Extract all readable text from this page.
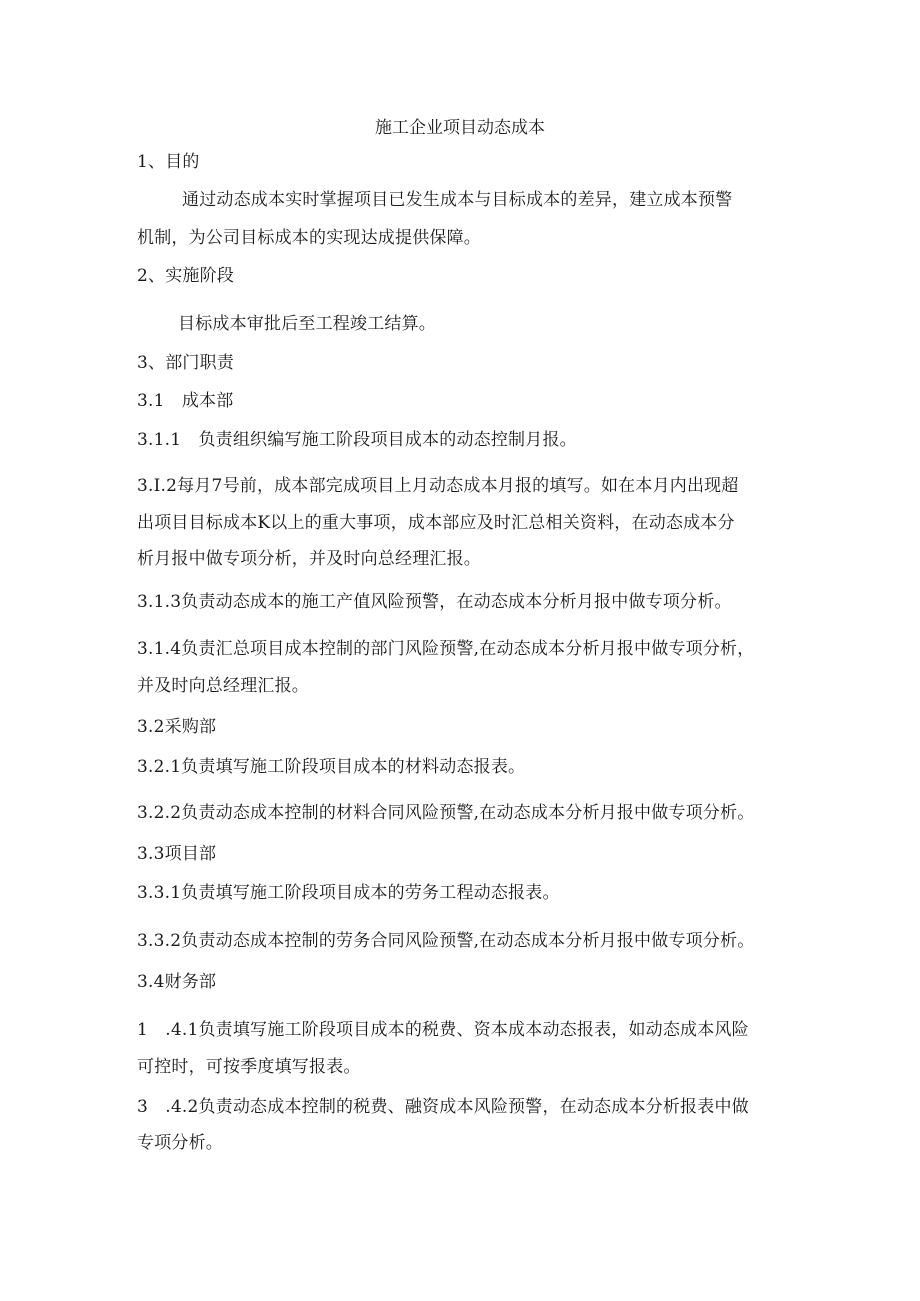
施工企业项目动态成本
1、目的
通过动态成本实时掌握项目已发生成本与目标成本的差异，建立成本预警
机制，为公司目标成本的实现达成提供保障。
2、实施阶段
目标成本审批后至工程竣工结算。
3、部门职责
3.1　成本部
3.1.1　负责组织编写施工阶段项目成本的动态控制月报。
3.I.2每月7号前，成本部完成项目上月动态成本月报的填写。如在本月内出现超
出项目目标成本K以上的重大事项，成本部应及时汇总相关资料，在动态成本分
析月报中做专项分析，并及时向总经理汇报。
3.1.3负责动态成本的施工产值风险预警，在动态成本分析月报中做专项分析。
3.1.4负责汇总项目成本控制的部门风险预警,在动态成本分析月报中做专项分析，
并及时向总经理汇报。
3.2采购部
3.2.1负责填写施工阶段项目成本的材料动态报表。
3.2.2负责动态成本控制的材料合同风险预警,在动态成本分析月报中做专项分析。
3.3项目部
3.3.1负责填写施工阶段项目成本的劳务工程动态报表。
3.3.2负责动态成本控制的劳务合同风险预警,在动态成本分析月报中做专项分析。
3.4财务部
1　.4.1负责填写施工阶段项目成本的税费、资本成本动态报表，如动态成本风险
可控时，可按季度填写报表。
3　.4.2负责动态成本控制的税费、融资成本风险预警，在动态成本分析报表中做
专项分析。
